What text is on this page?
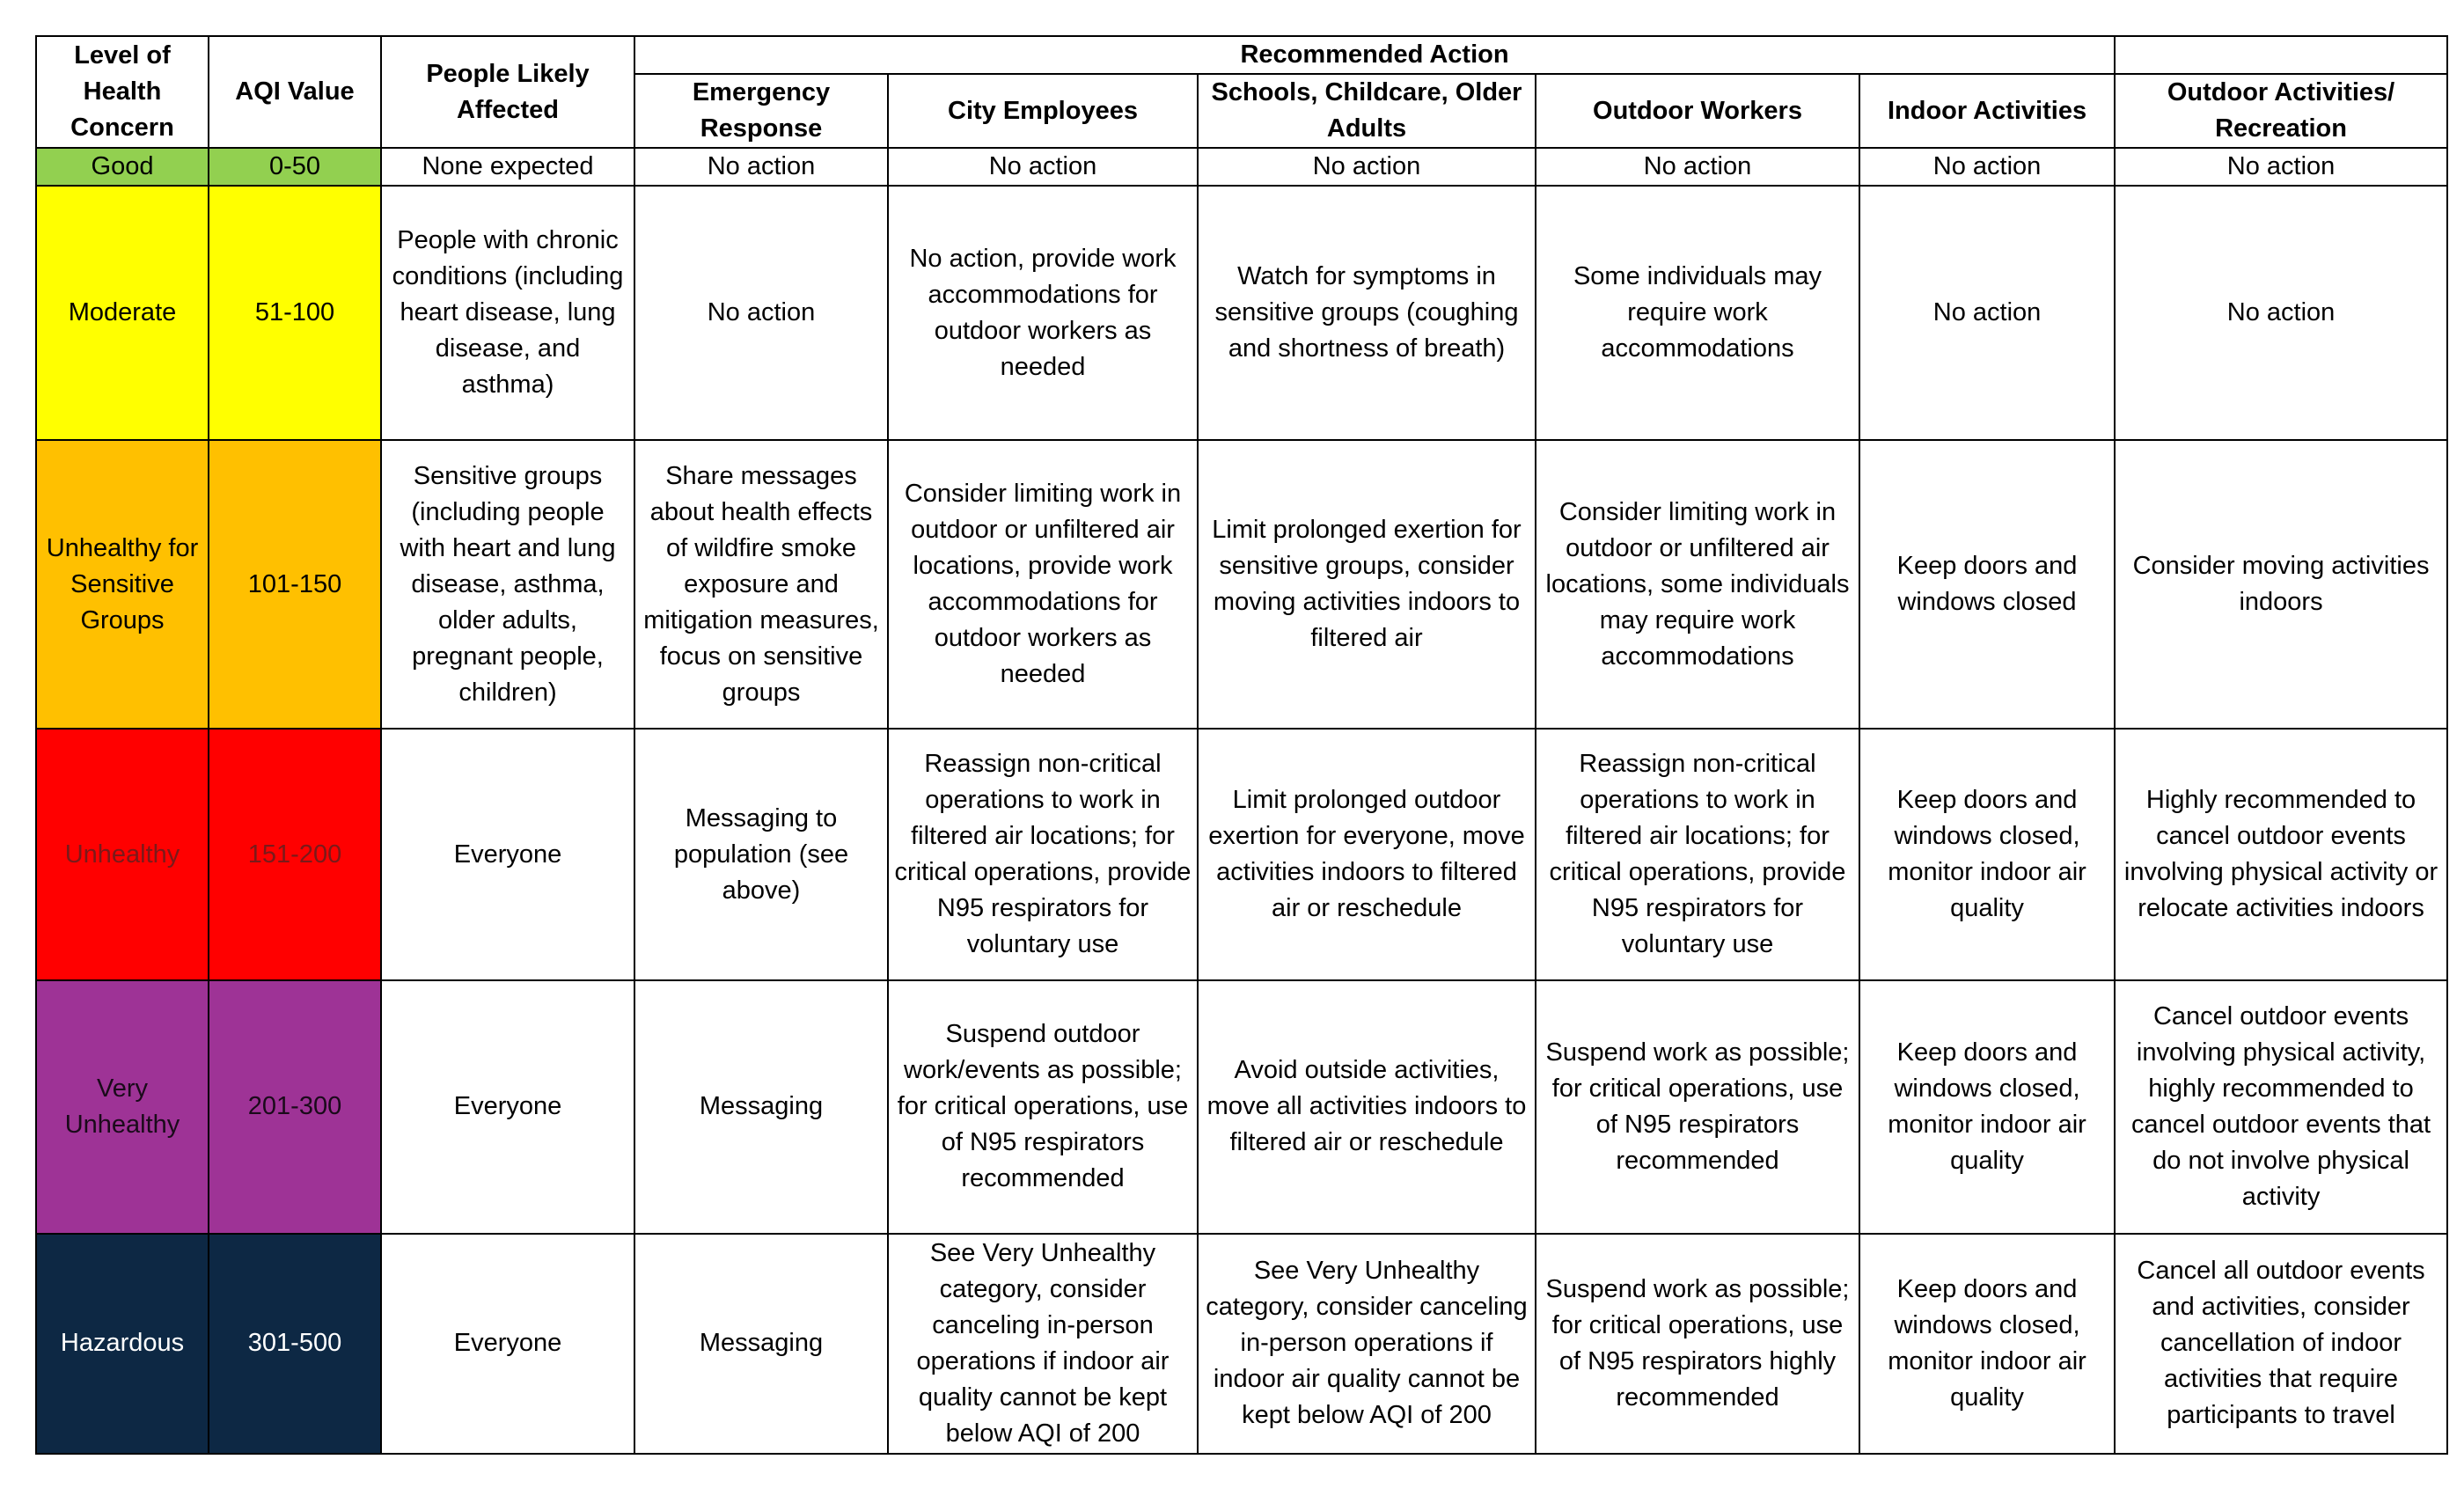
Level of Health Concern	AQI Value	People Likely Affected	Recommended Action					
			Emergency Response	City Employees	Schools, Childcare, Older Adults	Outdoor Workers	Indoor Activities	Outdoor Activities/ Recreation
Good	0-50	None expected	No action	No action	No action	No action	No action	No action
Moderate	51-100	People with chronic conditions (including heart disease, lung disease, and asthma)	No action	No action, provide work accommodations for outdoor workers as needed	Watch for symptoms in sensitive groups (coughing and shortness of breath)	Some individuals may require work accommodations	No action	No action
Unhealthy for Sensitive Groups	101-150	Sensitive groups (including people with heart and lung disease, asthma, older adults, pregnant people, children)	Share messages about health effects of wildfire smoke exposure and mitigation measures, focus on sensitive groups	Consider limiting work in outdoor or unfiltered air locations, provide work accommodations for outdoor workers as needed	Limit prolonged exertion for sensitive groups, consider moving activities indoors to filtered air	Consider limiting work in outdoor or unfiltered air locations, some individuals may require work accommodations	Keep doors and windows closed	Consider moving activities indoors
Unhealthy	151-200	Everyone	Messaging to population (see above)	Reassign non-critical operations to work in filtered air locations; for critical operations, provide N95 respirators for voluntary use	Limit prolonged outdoor exertion for everyone, move activities indoors to filtered air or reschedule	Reassign non-critical operations to work in filtered air locations; for critical operations, provide N95 respirators for voluntary use	Keep doors and windows closed, monitor indoor air quality	Highly recommended to cancel outdoor events involving physical activity or relocate activities indoors
Very Unhealthy	201-300	Everyone	Messaging	Suspend outdoor work/events as possible; for critical operations, use of N95 respirators recommended	Avoid outside activities, move all activities indoors to filtered air or reschedule	Suspend work as possible; for critical operations, use of N95 respirators recommended	Keep doors and windows closed, monitor indoor air quality	Cancel outdoor events involving physical activity, highly recommended to cancel outdoor events that do not involve physical activity
Hazardous	301-500	Everyone	Messaging	See Very Unhealthy category, consider canceling in-person operations if indoor air quality cannot be kept below AQI of 200	See Very Unhealthy category, consider canceling in-person operations if indoor air quality cannot be kept below AQI of 200	Suspend work as possible; for critical operations, use of N95 respirators highly recommended	Keep doors and windows closed, monitor indoor air quality	Cancel all outdoor events and activities, consider cancellation of indoor activities that require participants to travel
